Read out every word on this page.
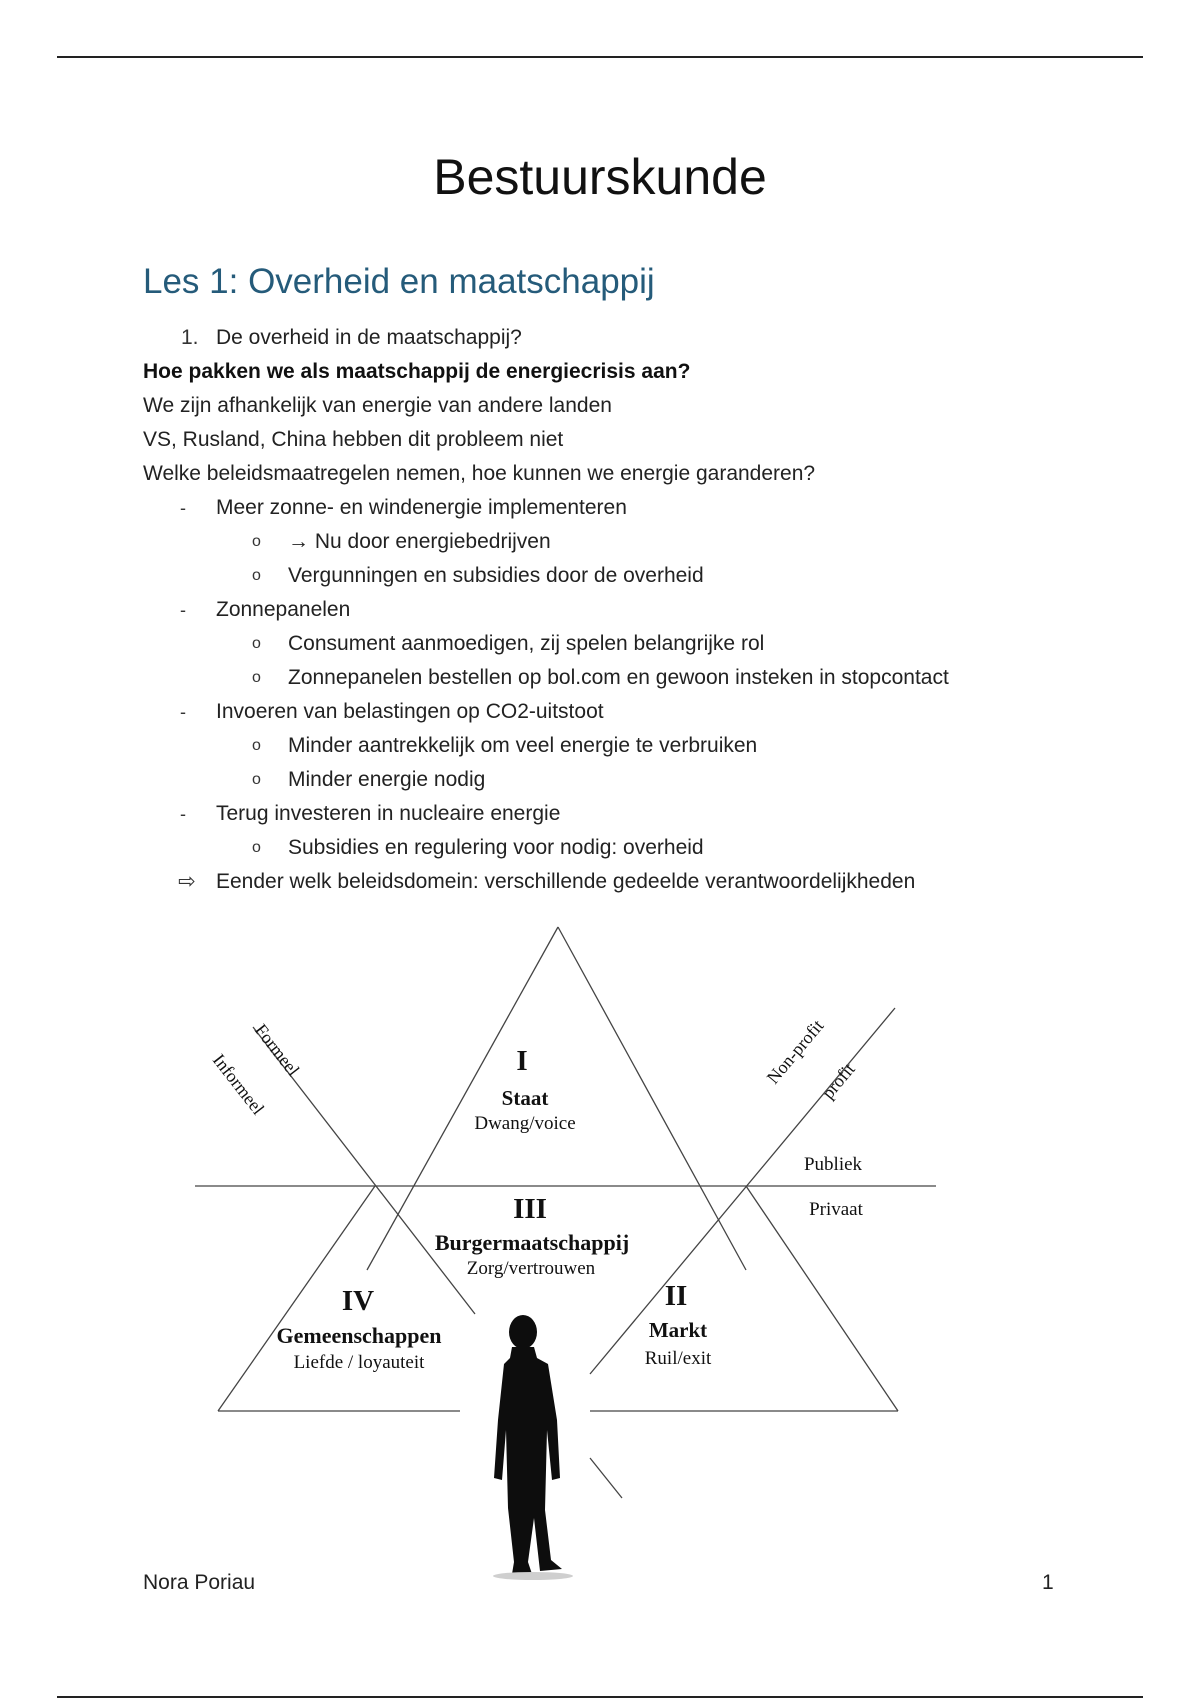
Bestuurskunde
Les 1: Overheid en maatschappij
1. De overheid in de maatschappij?
Hoe pakken we als maatschappij de energiecrisis aan?
We zijn afhankelijk van energie van andere landen
VS, Rusland, China hebben dit probleem niet
Welke beleidsmaatregelen nemen, hoe kunnen we energie garanderen?
- Meer zonne- en windenergie implementeren
o → Nu door energiebedrijven
o Vergunningen en subsidies door de overheid
- Zonnepanelen
o Consument aanmoedigen, zij spelen belangrijke rol
o Zonnepanelen bestellen op bol.com en gewoon insteken in stopcontact
- Invoeren van belastingen op CO2-uitstoot
o Minder aantrekkelijk om veel energie te verbruiken
o Minder energie nodig
- Terug investeren in nucleaire energie
o Subsidies en regulering voor nodig: overheid
⇨ Eender welk beleidsdomein: verschillende gedeelde verantwoordelijkheden
I
Staat
Dwang/voice
III
Burgermaatschappij
Zorg/vertrouwen
IV
Gemeenschappen
Liefde / loyauteit
II
Markt
Ruil/exit
Publiek
Privaat
Formeel
Informeel	Non-profit
profit
Nora Poriau	1
